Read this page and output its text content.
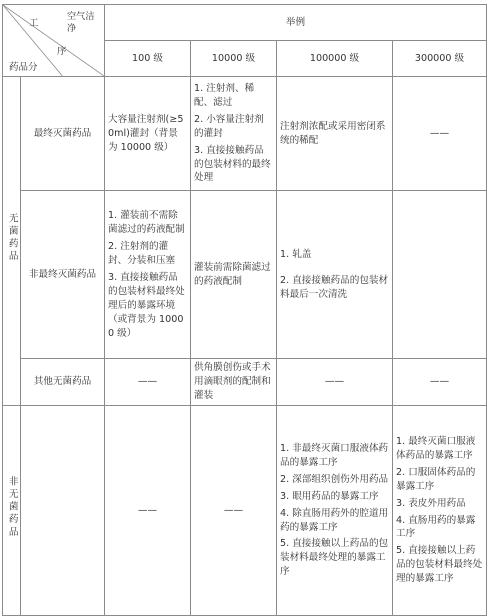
空气洁净
工
序
药品分		举例			
		100 级	10000 级	100000 级	300000 级
无菌药品	最终灭菌药品	大容量注射剂(≥50ml)灌封（背景为 10000 级）	1. 注射剂、稀配、滤过
2. 小容量注射剂的灌封
3. 直接接触药品的包装材料的最终处理	注射剂浓配或采用密闭系统的稀配	——
	非最终灭菌药品	1. 灌装前不需除菌滤过的药液配制
2. 注射剂的灌封、分装和压塞
3. 直接接触药品的包装材料最终处理后的暴露环境（或背景为 10000 级）	灌装前需除菌滤过的药液配制	1. 轧盖
2. 直接接触药品的包装材料最后一次清洗	

	其他无菌药品	——	供角膜创伤或手术用滴眼剂的配制和灌装	——	——
非无菌药品		——	——	1. 非最终灭菌口服液体药品的暴露工序
2. 深部组织创伤外用药品
3. 眼用药品的暴露工序
4. 除直肠用药外的腔道用药的暴露工序
5. 直接接触以上药品的包装材料最终处理的暴露工序	1. 最终灭菌口服液体药品的暴露工序
2. 口服固体药品的暴露工序
3. 表皮外用药品
4. 直肠用药的暴露工序
5. 直接接触以上药品的包装材料最终处理的暴露工序
